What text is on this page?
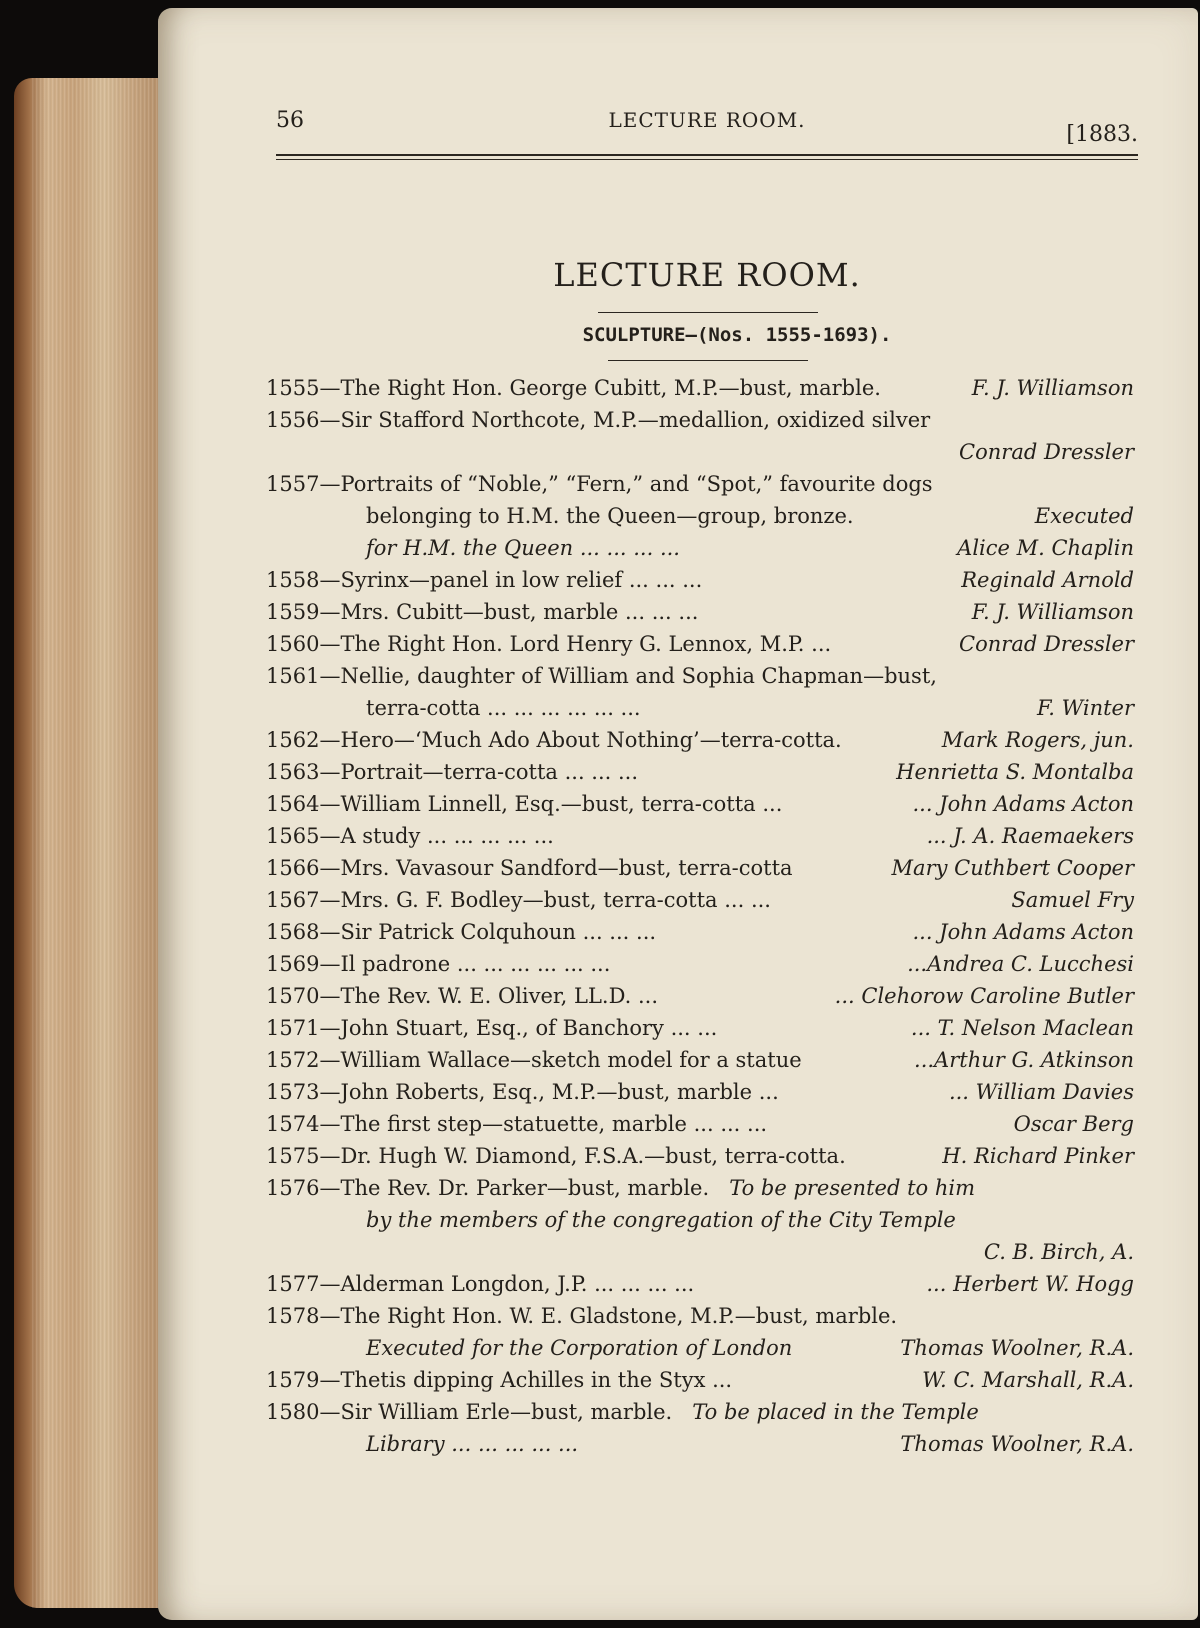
56	LECTURE ROOM.
[1883.
LECTURE ROOM.
SCULPTURE—(Nos. 1555-1693).
1555—The Right Hon. George Cubitt, M.P.—bust, marble.	F. J. Williamson
1556—Sir Stafford Northcote, M.P.—medallion, oxidized silver
Conrad Dressler
1557—Portraits of “Noble,” “Fern,” and “Spot,” favourite dogs
belonging to H.M. the Queen—group, bronze.	Executed
for H.M. the Queen ... ... ... ...	Alice M. Chaplin
1558—Syrinx—panel in low relief ... ... ...	Reginald Arnold
1559—Mrs. Cubitt—bust, marble ... ... ...	F. J. Williamson
1560—The Right Hon. Lord Henry G. Lennox, M.P. ...	Conrad Dressler
1561—Nellie, daughter of William and Sophia Chapman—bust,
terra-cotta ... ... ... ... ... ...	F. Winter
1562—Hero—‘Much Ado About Nothing’—terra-cotta.	Mark Rogers, jun.
1563—Portrait—terra-cotta ... ... ...	Henrietta S. Montalba
1564—William Linnell, Esq.—bust, terra-cotta ...	... John Adams Acton
1565—A study ... ... ... ... ...	... J. A. Raemaekers
1566—Mrs. Vavasour Sandford—bust, terra-cotta	Mary Cuthbert Cooper
1567—Mrs. G. F. Bodley—bust, terra-cotta ... ...	Samuel Fry
1568—Sir Patrick Colquhoun ... ... ...	... John Adams Acton
1569—Il padrone ... ... ... ... ... ...	...Andrea C. Lucchesi
1570—The Rev. W. E. Oliver, LL.D. ...	... Clehorow Caroline Butler
1571—John Stuart, Esq., of Banchory ... ...	... T. Nelson Maclean
1572—William Wallace—sketch model for a statue	...Arthur G. Atkinson
1573—John Roberts, Esq., M.P.—bust, marble ...	... William Davies
1574—The first step—statuette, marble ... ... ...	Oscar Berg
1575—Dr. Hugh W. Diamond, F.S.A.—bust, terra-cotta.	H. Richard Pinker
1576—The Rev. Dr. Parker—bust, marble. To be presented to him
by the members of the congregation of the City Temple
C. B. Birch, A.
1577—Alderman Longdon, J.P. ... ... ... ...	... Herbert W. Hogg
1578—The Right Hon. W. E. Gladstone, M.P.—bust, marble.
Executed for the Corporation of London	Thomas Woolner, R.A.
1579—Thetis dipping Achilles in the Styx ...	W. C. Marshall, R.A.
1580—Sir William Erle—bust, marble. To be placed in the Temple
Library ... ... ... ... ...	Thomas Woolner, R.A.
